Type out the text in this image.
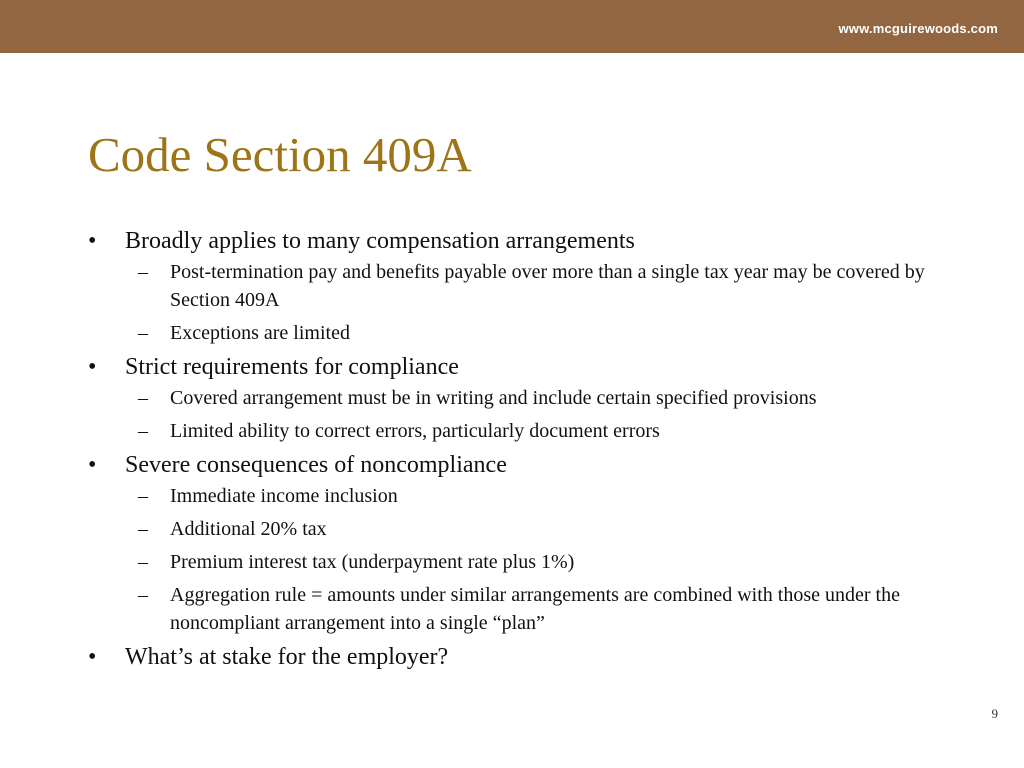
www.mcguirewoods.com
Code Section 409A
• Broadly applies to many compensation arrangements
– Post-termination pay and benefits payable over more than a single tax year may be covered by Section 409A
– Exceptions are limited
• Strict requirements for compliance
– Covered arrangement must be in writing and include certain specified provisions
– Limited ability to correct errors, particularly document errors
• Severe consequences of noncompliance
– Immediate income inclusion
– Additional 20% tax
– Premium interest tax (underpayment rate plus 1%)
– Aggregation rule = amounts under similar arrangements are combined with those under the noncompliant arrangement into a single “plan”
• What’s at stake for the employer?
9
